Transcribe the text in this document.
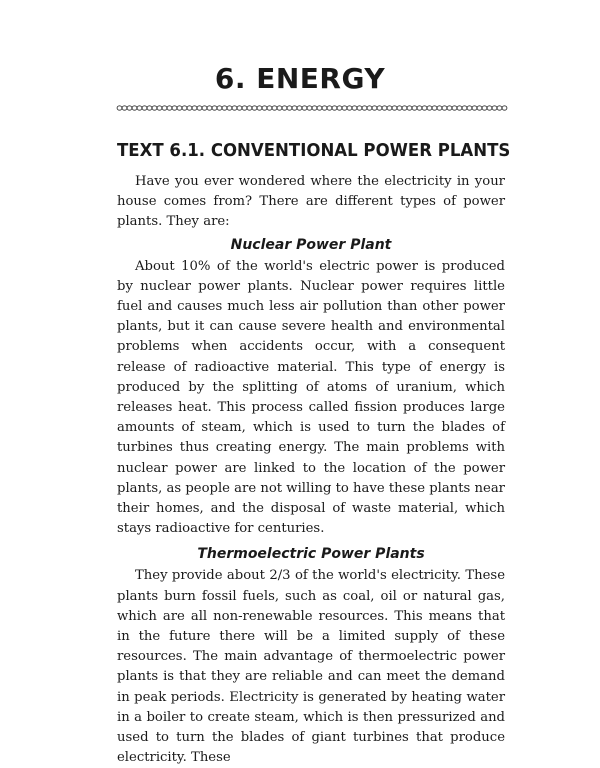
6. ENERGY
TEXT 6.1. CONVENTIONAL POWER PLANTS

Have you ever wondered where the electricity in your house comes from? There are different types of power plants. They are:

Nuclear Power Plant

About 10% of the world's electric power is produced by nuclear power plants. Nuclear power requires little fuel and causes much less air pollution than other power plants, but it can cause severe health and environmental problems when accidents occur, with a consequent release of radioactive material. This type of energy is produced by the splitting of atoms of uranium, which releases heat. This process called fission produces large amounts of steam, which is used to turn the blades of turbines thus creating energy. The main problems with nuclear power are linked to the location of the power plants, as people are not willing to have these plants near their homes, and the disposal of waste material, which stays radioactive for centuries.

Thermoelectric Power Plants

They provide about 2/3 of the world's electricity. These plants burn fossil fuels, such as coal, oil or natural gas, which are all non-renewable resources. This means that in the future there will be a limited supply of these resources. The main advantage of thermoelectric power plants is that they are reliable and can meet the demand in peak periods. Electricity is generated by heating water in a boiler to create steam, which is then pressurized and used to turn the blades of giant turbines that produce electricity. These
